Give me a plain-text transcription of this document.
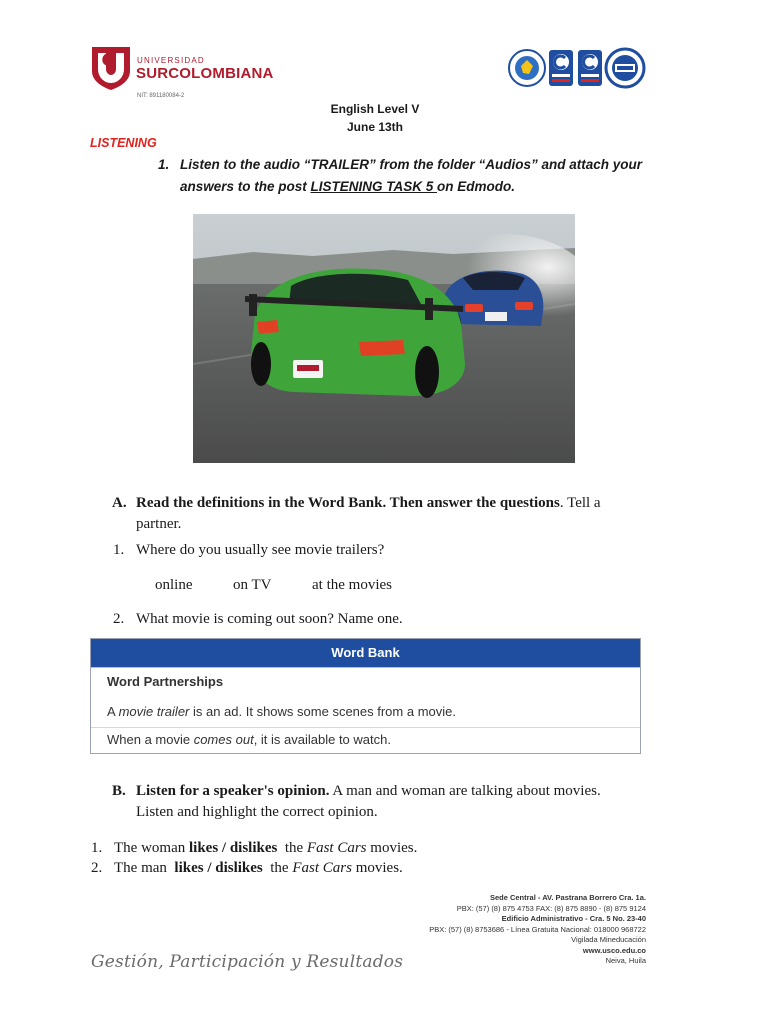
UNIVERSIDAD
SURCOLOMBIANA
NIT: 891180084-2
English Level V
June 13th
LISTENING
1. Listen to the audio “TRAILER” from the folder “Audios” and attach your
answers to the post LISTENING TASK 5 on Edmodo.
A. Read the definitions in the Word Bank. Then answer the questions. Tell a
partner.
1. Where do you usually see movie trailers?
online	on TV	at the movies
2. What movie is coming out soon? Name one.
Word Bank
Word Partnerships
A movie trailer is an ad. It shows some scenes from a movie.
When a movie comes out, it is available to watch.
B. Listen for a speaker's opinion. A man and woman are talking about movies.
Listen and highlight the correct opinion.
1. The woman likes / dislikes  the Fast Cars movies.
2. The man  likes / dislikes  the Fast Cars movies.
Sede Central - AV. Pastrana Borrero Cra. 1a.
PBX: (57) (8) 875 4753 FAX: (8) 875 8890 - (8) 875 9124
Edificio Administrativo - Cra. 5 No. 23-40
PBX: (57) (8) 8753686 - Línea Gratuita Nacional: 018000 968722
Vigilada Mineducación
www.usco.edu.co
Neiva, Huila
Gestión, Participación y Resultados
